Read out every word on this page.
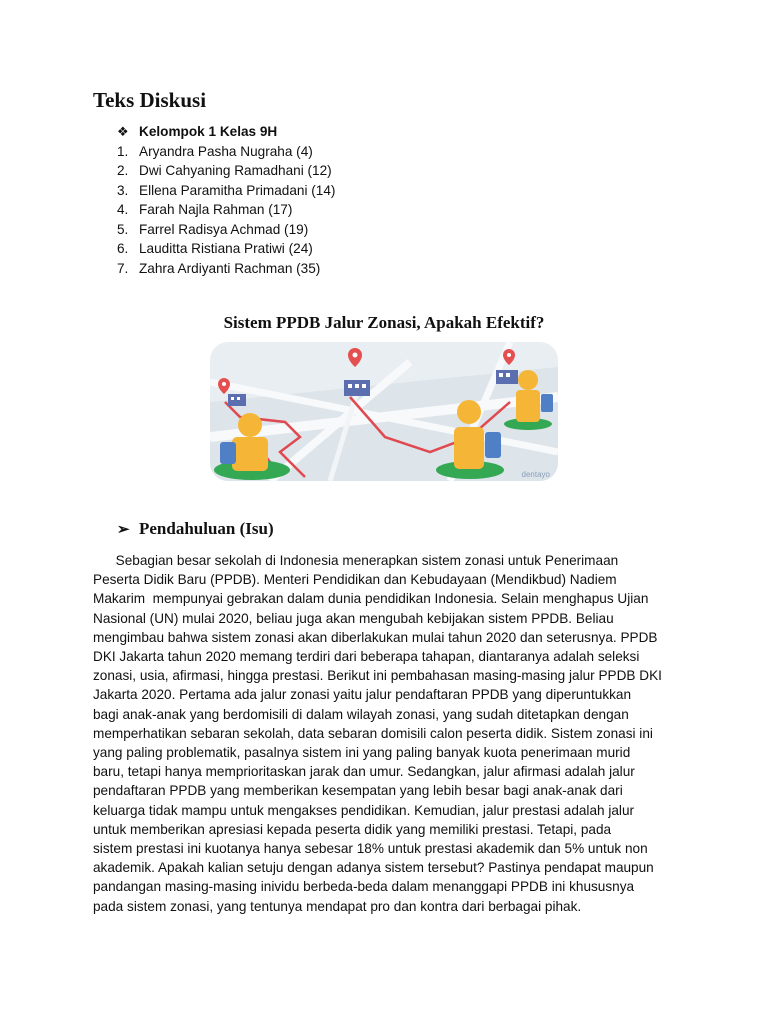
Teks Diskusi
❖ Kelompok 1 Kelas 9H
1. Aryandra Pasha Nugraha (4)
2. Dwi Cahyaning Ramadhani (12)
3. Ellena Paramitha Primadani (14)
4. Farah Najla Rahman (17)
5. Farrel Radisya Achmad (19)
6. Lauditta Ristiana Pratiwi (24)
7. Zahra Ardiyanti Rachman (35)
Sistem PPDB Jalur Zonasi, Apakah Efektif?
dentayo
➢ Pendahuluan (Isu)
Sebagian besar sekolah di Indonesia menerapkan sistem zonasi untuk Penerimaan
Peserta Didik Baru (PPDB). Menteri Pendidikan dan Kebudayaan (Mendikbud) Nadiem
Makarim  mempunyai gebrakan dalam dunia pendidikan Indonesia. Selain menghapus Ujian
Nasional (UN) mulai 2020, beliau juga akan mengubah kebijakan sistem PPDB. Beliau
mengimbau bahwa sistem zonasi akan diberlakukan mulai tahun 2020 dan seterusnya. PPDB
DKI Jakarta tahun 2020 memang terdiri dari beberapa tahapan, diantaranya adalah seleksi
zonasi, usia, afirmasi, hingga prestasi. Berikut ini pembahasan masing-masing jalur PPDB DKI
Jakarta 2020. Pertama ada jalur zonasi yaitu jalur pendaftaran PPDB yang diperuntukkan
bagi anak-anak yang berdomisili di dalam wilayah zonasi, yang sudah ditetapkan dengan
memperhatikan sebaran sekolah, data sebaran domisili calon peserta didik. Sistem zonasi ini
yang paling problematik, pasalnya sistem ini yang paling banyak kuota penerimaan murid
baru, tetapi hanya memprioritaskan jarak dan umur. Sedangkan, jalur afirmasi adalah jalur
pendaftaran PPDB yang memberikan kesempatan yang lebih besar bagi anak-anak dari
keluarga tidak mampu untuk mengakses pendidikan. Kemudian, jalur prestasi adalah jalur
untuk memberikan apresiasi kepada peserta didik yang memiliki prestasi. Tetapi, pada
sistem prestasi ini kuotanya hanya sebesar 18% untuk prestasi akademik dan 5% untuk non
akademik. Apakah kalian setuju dengan adanya sistem tersebut? Pastinya pendapat maupun
pandangan masing-masing inividu berbeda-beda dalam menanggapi PPDB ini khususnya
pada sistem zonasi, yang tentunya mendapat pro dan kontra dari berbagai pihak.
